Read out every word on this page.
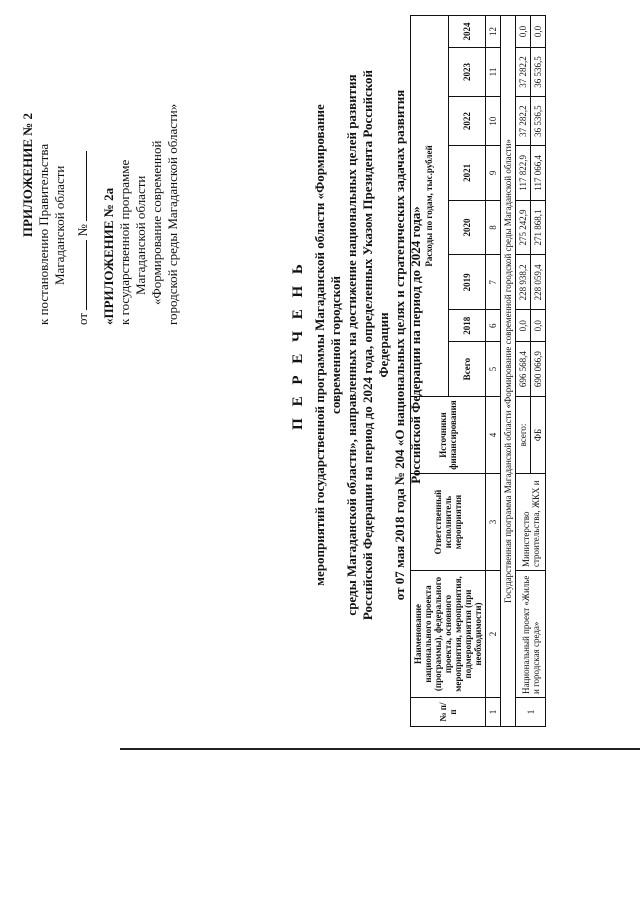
ПРИЛОЖЕНИЕ № 2 к постановлению Правительства Магаданской области
от  № «ПРИЛОЖЕНИЕ № 2а к государственной программе Магаданской области «Формирование современной городской среды Магаданской области»
П Е Р Е Ч Е Н Ь мероприятий государственной программы Магаданской области «Формирование современной городской среды Магаданской области», направленных на достижение национальных целей развития Российской Федерации на период до 2024 года, определенных Указом Президента Российской Федерации от 07 мая 2018 года № 204 «О национальных целях и стратегических задачах развития Российской Федерации на период до 2024 года»
№ п/п	Наименование национального проекта (программы), федерального проекта, основного мероприятия, мероприятия, подмероприятия (при необходимости)	Ответственный исполнитель мероприятия	Источники финансирования	Расходы по годам, тыс.рублей							
				Всего	2018	2019	2020	2021	2022	2023	2024
1	2	3	4	5	6	7	8	9	10	11	12
Государственная программа Магаданской области «Формирование современной городской среды Магаданской области»											
1	Национальный проект «Жилье и городская среда»	Министерство строительства, ЖКХ и	всего:	696 568,4	0,0	228 938,2	275 242,9	117 822,9	37 282,2	37 282,2	0,0
			ФБ	690 066,9	0,0	228 059,4	271 868,1	117 066,4	36 536,5	36 536,5	0,0
